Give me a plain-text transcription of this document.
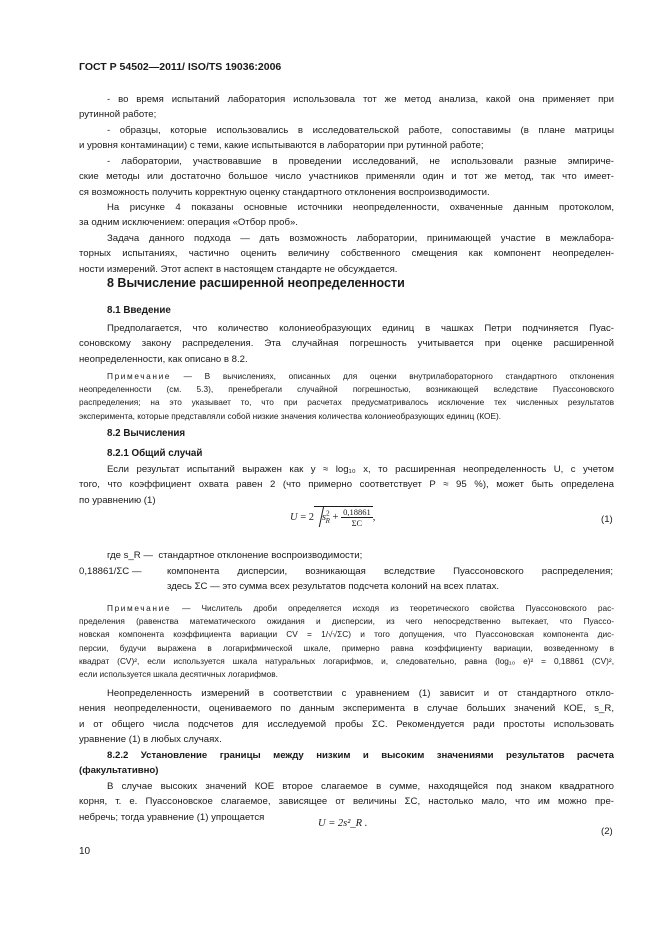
ГОСТ Р 54502—2011/ ISO/TS 19036:2006
- во время испытаний лаборатория использовала тот же метод анализа, какой она применяет при
рутинной работе;
- образцы, которые использовались в исследовательской работе, сопоставимы (в плане матрицы
и уровня контаминации) с теми, какие испытываются в лаборатории при рутинной работе;
- лаборатории, участвовавшие в проведении исследований, не использовали разные эмпириче-
ские методы или достаточно большое число участников применяли один и тот же метод, так что имеет-
ся возможность получить корректную оценку стандартного отклонения воспроизводимости.
На рисунке 4 показаны основные источники неопределенности, охваченные данным протоколом,
за одним исключением: операция «Отбор проб».
Задача данного подхода — дать возможность лаборатории, принимающей участие в межлабора-
торных испытаниях, частично оценить величину собственного смещения как компонент неопределен-
ности измерений. Этот аспект в настоящем стандарте не обсуждается.
8 Вычисление расширенной неопределенности
8.1 Введение
Предполагается, что количество колониеобразующих единиц в чашках Петри подчиняется Пуас-
соновскому закону распределения. Эта случайная погрешность учитывается при оценке расширенной
неопределенности, как описано в 8.2.
Примечание — В вычислениях, описанных для оценки внутрилабораторного стандартного отклонения
неопределенности (см. 5.3), пренебрегали случайной погрешностью, возникающей вследствие Пуассоновского
распределения; на это указывает то, что при расчетах предусматривалось исключение тех численных результатов
эксперимента, которые представляли собой низкие значения количества колониеобразующих единиц (КОЕ).
8.2 Вычисления
8.2.1 Общий случай
Если результат испытаний выражен как y ≈ log₁₀ x, то расширенная неопределенность U, с учетом
того, что коэффициент охвата равен 2 (что примерно соответствует P ≈ 95 %), может быть определена
по уравнению (1)
U = 2 $s^2_R + \frac{0,18861}{\Sigma C}$ ,	(1)
где s_R — стандартное отклонение воспроизводимости;
0,18861/ΣC —	компонента дисперсии, возникающая вследствие Пуассоновского распределения;
здесь ΣC — это сумма всех результатов подсчета колоний на всех платах.
Примечание — Числитель дроби определяется исходя из теоретического свойства Пуассоновского рас-
пределения (равенства математического ожидания и дисперсии, из чего непосредственно вытекает, что Пуассо-
новская компонента коэффициента вариации CV = 1/√√ΣC) и того допущения, что Пуассоновская компонента дис-
персии, будучи выражена в логарифмической шкале, примерно равна коэффициенту вариации, возведенному в
квадрат (CV)², если используется шкала натуральных логарифмов, и, следовательно, равна (log₁₀ e)² = 0,18861 (CV)²,
если используется шкала десятичных логарифмов.
Неопределенность измерений в соответствии с уравнением (1) зависит и от стандартного откло-
нения неопределенности, оцениваемого по данным эксперимента в случае больших значений КОЕ, s_R,
и от общего числа подсчетов для исследуемой пробы ΣC. Рекомендуется ради простоты использовать
уравнение (1) в любых случаях.
8.2.2 Установление границы между низким и высоким значениями результатов расчета
(факультативно)
В случае высоких значений КОЕ второе слагаемое в сумме, находящейся под знаком квадратного
корня, т. е. Пуассоновское слагаемое, зависящее от величины ΣC, настолько мало, что им можно пре-
небречь; тогда уравнение (1) упрощается
U = 2s²_R .
(2)
10
